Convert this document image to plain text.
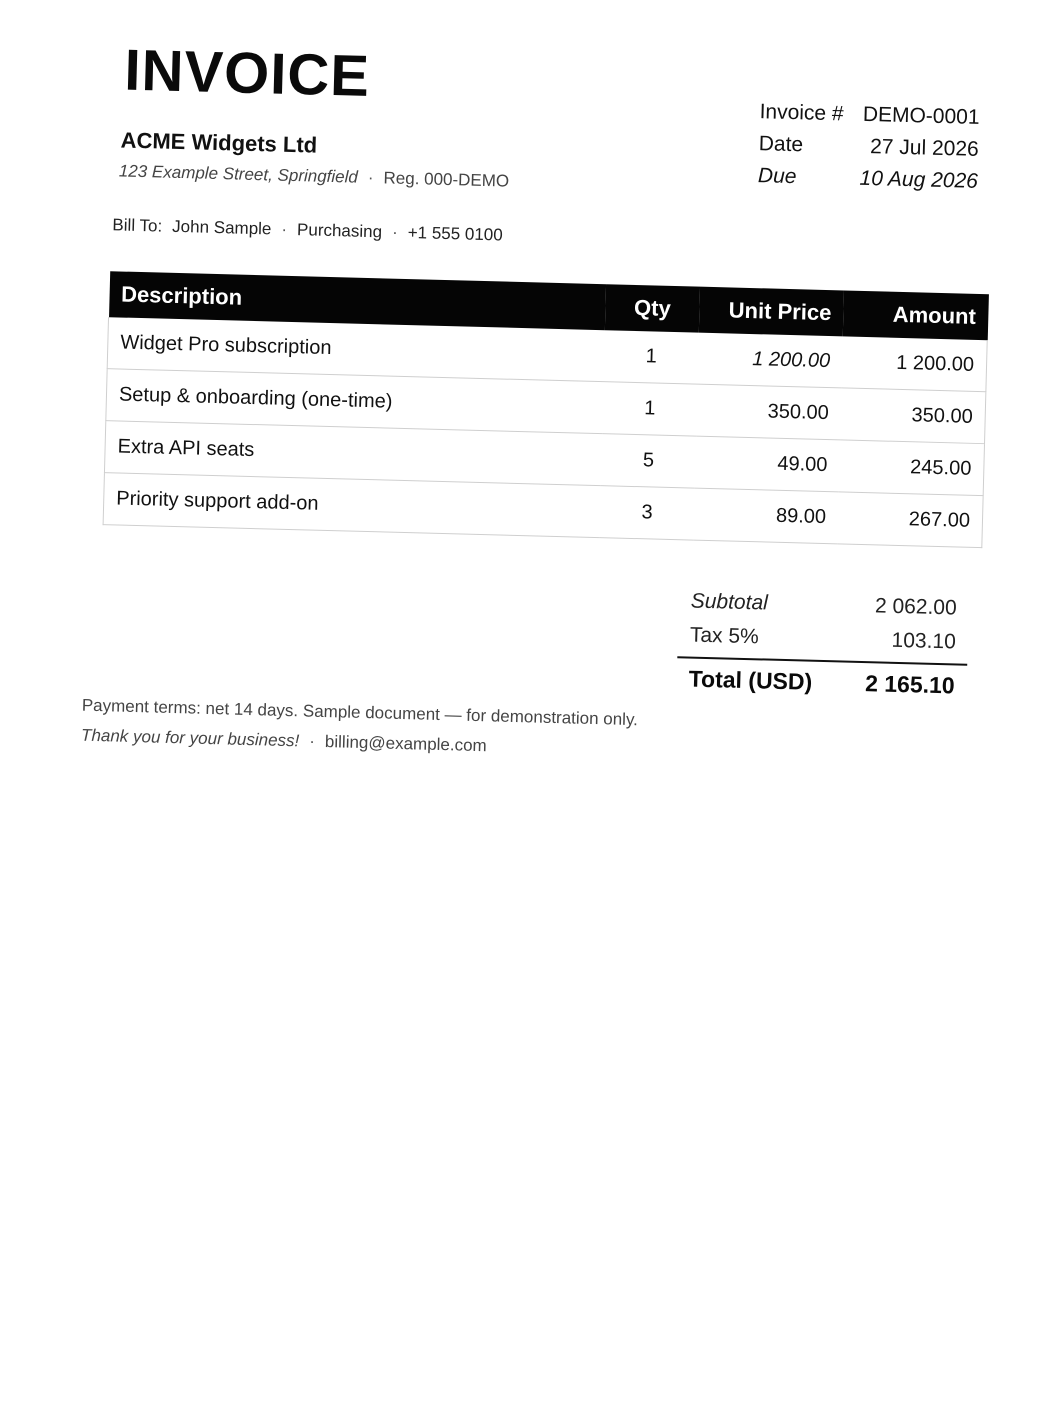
INVOICE
ACME Widgets Ltd
123 Example Street, Springfield · Reg. 000-DEMO
Invoice # DEMO-0001
Date	27 Jul 2026
Due	10 Aug 2026
Bill To: John Sample · Purchasing · +1 555 0100
Description	Qty	Unit Price	Amount
Widget Pro subscription	1	1 200.00	1 200.00
Setup & onboarding (one-time)	1	350.00	350.00
Extra API seats	5	49.00	245.00
Priority support add-on	3	89.00	267.00
Subtotal	2 062.00
Tax 5%	103.10
Total (USD) 2 165.10
Payment terms: net 14 days. Sample document — for demonstration only.
Thank you for your business! · billing@example.com
